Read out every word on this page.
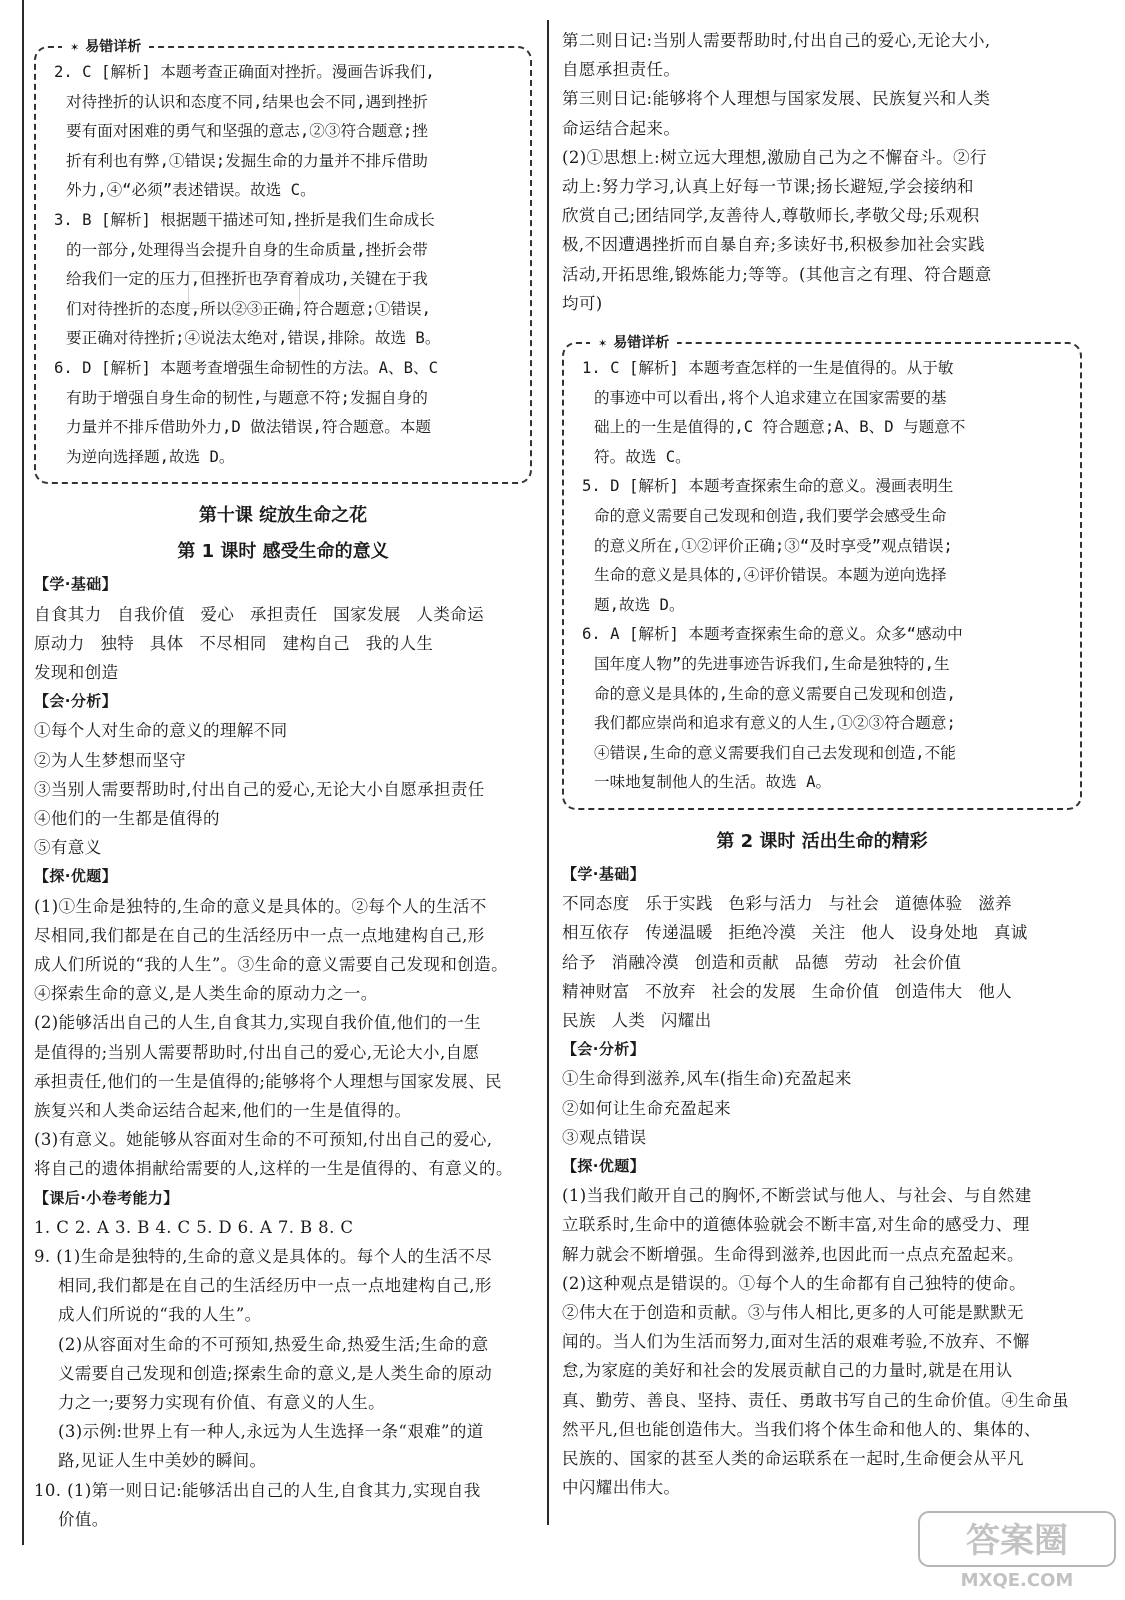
✶ 易错详析
2. C [解析] 本题考查正确面对挫折。漫画告诉我们,
对待挫折的认识和态度不同,结果也会不同,遇到挫折
要有面对困难的勇气和坚强的意志,②③符合题意;挫
折有利也有弊,①错误;发掘生命的力量并不排斥借助
外力,④“必须”表述错误。故选 C。
3. B [解析] 根据题干描述可知,挫折是我们生命成长
的一部分,处理得当会提升自身的生命质量,挫折会带
给我们一定的压力,但挫折也孕育着成功,关键在于我
们对待挫折的态度,所以②③正确,符合题意;①错误,
要正确对待挫折;④说法太绝对,错误,排除。故选 B。
6. D [解析] 本题考查增强生命韧性的方法。A、B、C
有助于增强自身生命的韧性,与题意不符;发掘自身的
力量并不排斥借助外力,D 做法错误,符合题意。本题
为逆向选择题,故选 D。
第十课 绽放生命之花
第 1 课时 感受生命的意义
【学·基础】
自食其力 自我价值 爱心 承担责任 国家发展 人类命运
原动力 独特 具体 不尽相同 建构自己 我的人生
发现和创造
【会·分析】
①每个人对生命的意义的理解不同
②为人生梦想而坚守
③当别人需要帮助时,付出自己的爱心,无论大小自愿承担责任
④他们的一生都是值得的
⑤有意义
【探·优题】
(1)①生命是独特的,生命的意义是具体的。②每个人的生活不
尽相同,我们都是在自己的生活经历中一点一点地建构自己,形
成人们所说的“我的人生”。③生命的意义需要自己发现和创造。
④探索生命的意义,是人类生命的原动力之一。
(2)能够活出自己的人生,自食其力,实现自我价值,他们的一生
是值得的;当别人需要帮助时,付出自己的爱心,无论大小,自愿
承担责任,他们的一生是值得的;能够将个人理想与国家发展、民
族复兴和人类命运结合起来,他们的一生是值得的。
(3)有意义。她能够从容面对生命的不可预知,付出自己的爱心,
将自己的遗体捐献给需要的人,这样的一生是值得的、有意义的。
【课后·小卷考能力】
1. C 2. A 3. B 4. C 5. D 6. A 7. B 8. C
9. (1)生命是独特的,生命的意义是具体的。每个人的生活不尽
相同,我们都是在自己的生活经历中一点一点地建构自己,形
成人们所说的“我的人生”。
(2)从容面对生命的不可预知,热爱生命,热爱生活;生命的意
义需要自己发现和创造;探索生命的意义,是人类生命的原动
力之一;要努力实现有价值、有意义的人生。
(3)示例:世界上有一种人,永远为人生选择一条“艰难”的道
路,见证人生中美妙的瞬间。
10. (1)第一则日记:能够活出自己的人生,自食其力,实现自我
价值。
第二则日记:当别人需要帮助时,付出自己的爱心,无论大小,
自愿承担责任。
第三则日记:能够将个人理想与国家发展、民族复兴和人类
命运结合起来。
(2)①思想上:树立远大理想,激励自己为之不懈奋斗。②行
动上:努力学习,认真上好每一节课;扬长避短,学会接纳和
欣赏自己;团结同学,友善待人,尊敬师长,孝敬父母;乐观积
极,不因遭遇挫折而自暴自弃;多读好书,积极参加社会实践
活动,开拓思维,锻炼能力;等等。(其他言之有理、符合题意
均可)
✶ 易错详析
1. C [解析] 本题考查怎样的一生是值得的。从于敏
的事迹中可以看出,将个人追求建立在国家需要的基
础上的一生是值得的,C 符合题意;A、B、D 与题意不
符。故选 C。
5. D [解析] 本题考查探索生命的意义。漫画表明生
命的意义需要自己发现和创造,我们要学会感受生命
的意义所在,①②评价正确;③“及时享受”观点错误;
生命的意义是具体的,④评价错误。本题为逆向选择
题,故选 D。
6. A [解析] 本题考查探索生命的意义。众多“感动中
国年度人物”的先进事迹告诉我们,生命是独特的,生
命的意义是具体的,生命的意义需要自己发现和创造,
我们都应崇尚和追求有意义的人生,①②③符合题意;
④错误,生命的意义需要我们自己去发现和创造,不能
一味地复制他人的生活。故选 A。
第 2 课时 活出生命的精彩
【学·基础】
不同态度 乐于实践 色彩与活力 与社会 道德体验 滋养
相互依存 传递温暖 拒绝冷漠 关注 他人 设身处地 真诚
给予 消融冷漠 创造和贡献 品德 劳动 社会价值
精神财富 不放弃 社会的发展 生命价值 创造伟大 他人
民族 人类 闪耀出
【会·分析】
①生命得到滋养,风车(指生命)充盈起来
②如何让生命充盈起来
③观点错误
【探·优题】
(1)当我们敞开自己的胸怀,不断尝试与他人、与社会、与自然建
立联系时,生命中的道德体验就会不断丰富,对生命的感受力、理
解力就会不断增强。生命得到滋养,也因此而一点点充盈起来。
(2)这种观点是错误的。①每个人的生命都有自己独特的使命。
②伟大在于创造和贡献。③与伟人相比,更多的人可能是默默无
闻的。当人们为生活而努力,面对生活的艰难考验,不放弃、不懈
怠,为家庭的美好和社会的发展贡献自己的力量时,就是在用认
真、勤劳、善良、坚持、责任、勇敢书写自己的生命价值。④生命虽
然平凡,但也能创造伟大。当我们将个体生命和他人的、集体的、
民族的、国家的甚至人类的命运联系在一起时,生命便会从平凡
中闪耀出伟大。
答案圈
MXQE.COM
